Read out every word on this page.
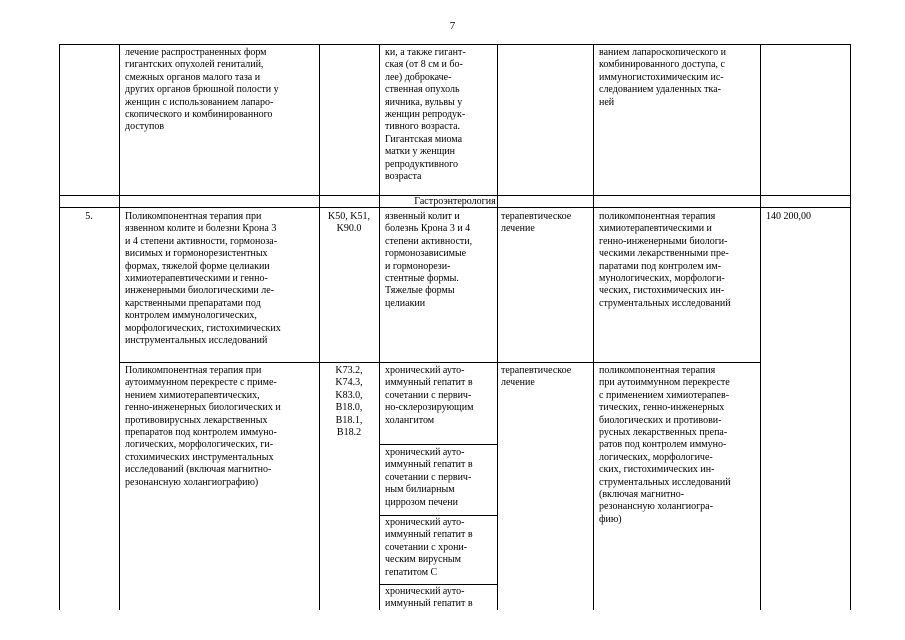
7
лечение распространенных форм
гигантских опухолей гениталий,
смежных органов малого таза и
других органов брюшной полости у
женщин с использованием лапаро-
скопического и комбинированного
доступов
ки, а также гигант-
ская (от 8 см и бо-
лее) доброкаче-
ственная опухоль
яичника, вульвы у
женщин репродук-
тивного возраста.
Гигантская миома
матки у женщин
репродуктивного
возраста
ванием лапароскопического и
комбинированного доступа, с
иммуногистохимическим ис-
следованием удаленных тка-
ней
Гастроэнтерология
5.	Поликомпонентная терапия при
язвенном колите и болезни Крона 3
и 4 степени активности, гормоноза-
висимых и гормонорезистентных
формах, тяжелой форме целиакии
химиотерапевтическими и генно-
инженерными биологическими ле-
карственными препаратами под
контролем иммунологических,
морфологических, гистохимических
инструментальных исследований
K50, K51,
K90.0
язвенный колит и
болезнь Крона 3 и 4
степени активности,
гормонозависимые
и гормонорези-
стентные формы.
Тяжелые формы
целиакии
терапевтическое
лечение
поликомпонентная терапия
химиотерапевтическими и
генно-инженерными биологи-
ческими лекарственными пре-
паратами под контролем им-
мунологических, морфологи-
ческих, гистохимических ин-
струментальных исследований
140 200,00
Поликомпонентная терапия при
аутоиммунном перекресте с приме-
нением химиотерапевтических,
генно-инженерных биологических и
противовирусных лекарственных
препаратов под контролем иммуно-
логических, морфологических, ги-
стохимических инструментальных
исследований (включая магнитно-
резонансную холангиографию)
K73.2,
K74.3,
K83.0,
B18.0,
B18.1,
B18.2
хронический ауто-
иммунный гепатит в
сочетании с первич-
но-склерозирующим
холангитом
хронический ауто-
иммунный гепатит в
сочетании с первич-
ным билиарным
циррозом печени
хронический ауто-
иммунный гепатит в
сочетании с хрони-
ческим вирусным
гепатитом C
хронический ауто-
иммунный гепатит в
терапевтическое
лечение
поликомпонентная терапия
при аутоиммунном перекресте
с применением химиотерапев-
тических, генно-инженерных
биологических и противови-
русных лекарственных препа-
ратов под контролем иммуно-
логических, морфологиче-
ских, гистохимических ин-
струментальных исследований
(включая магнитно-
резонансную холангиогра-
фию)
